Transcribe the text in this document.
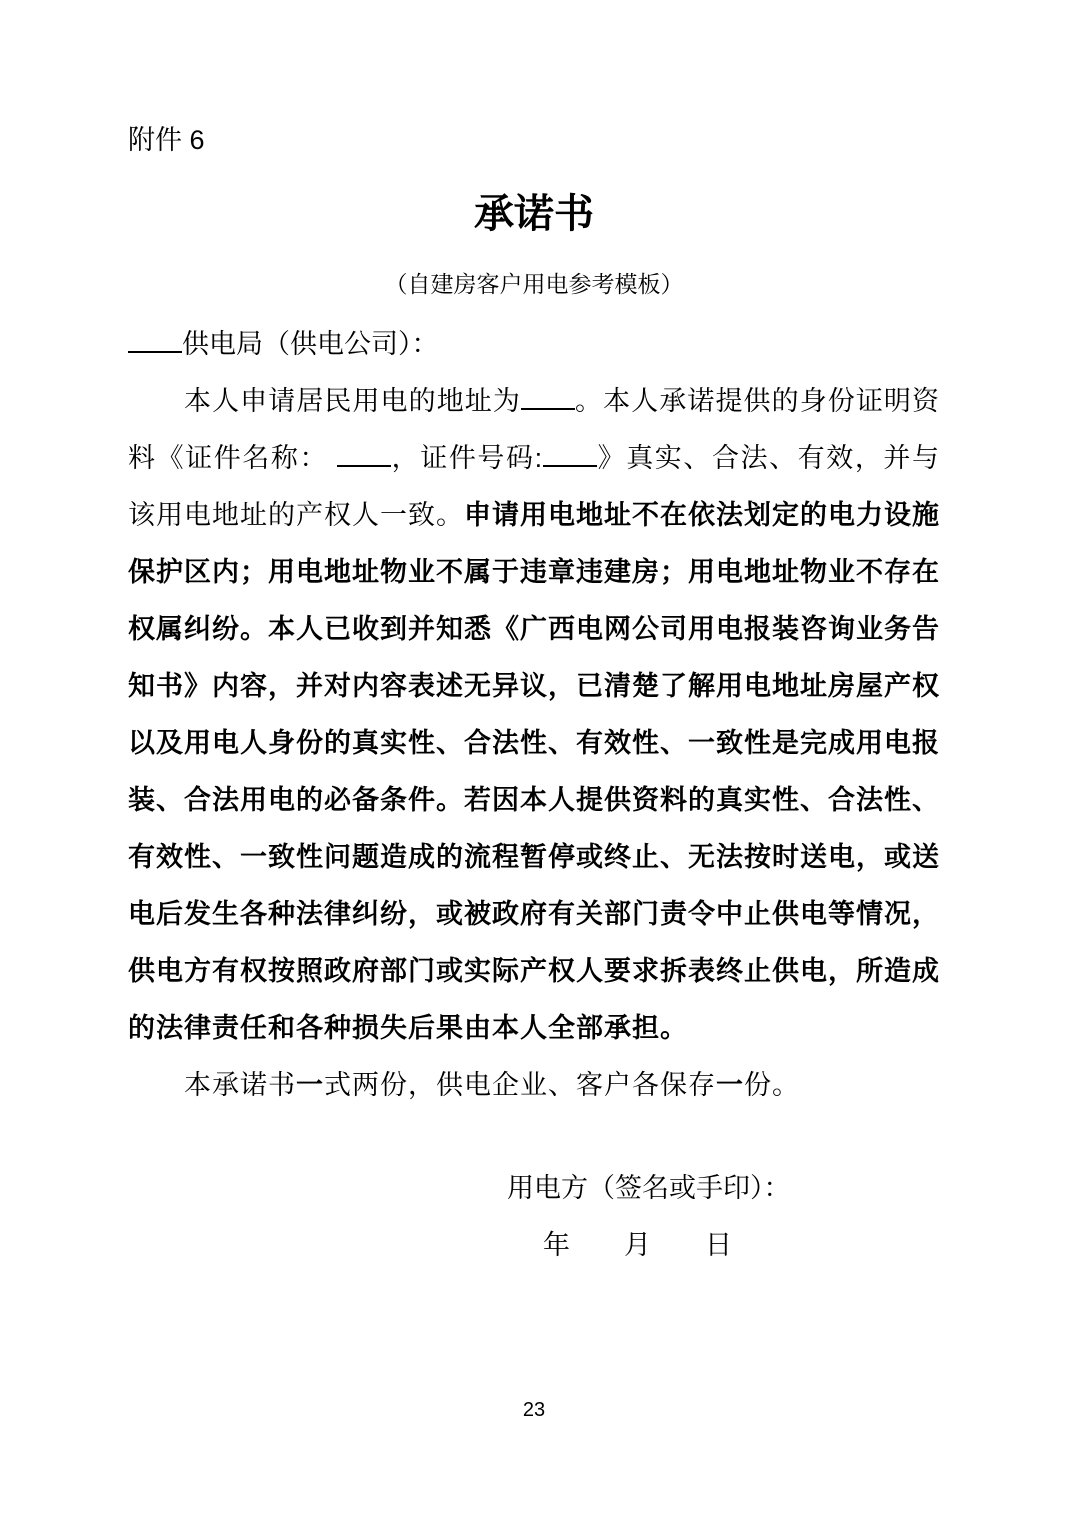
附件 6
承诺书
（自建房客户用电参考模板）
供电局（供电公司）：

本人申请居民用电的地址为 。本人承诺提供的身份证明资料《证件名称： ，证件号码: 》真实、合法、有效，并与该用电地址的产权人一致。申请用电地址不在依法划定的电力设施保护区内；用电地址物业不属于违章违建房；用电地址物业不存在权属纠纷。本人已收到并知悉《广西电网公司用电报装咨询业务告知书》内容，并对内容表述无异议，已清楚了解用电地址房屋产权以及用电人身份的真实性、合法性、有效性、一致性是完成用电报装、合法用电的必备条件。若因本人提供资料的真实性、合法性、有效性、一致性问题造成的流程暂停或终止、无法按时送电，或送电后发生各种法律纠纷，或被政府有关部门责令中止供电等情况，供电方有权按照政府部门或实际产权人要求拆表终止供电，所造成的法律责任和各种损失后果由本人全部承担。

本承诺书一式两份，供电企业、客户各保存一份。

用电方（签名或手印）：
年　　月　　日
23
